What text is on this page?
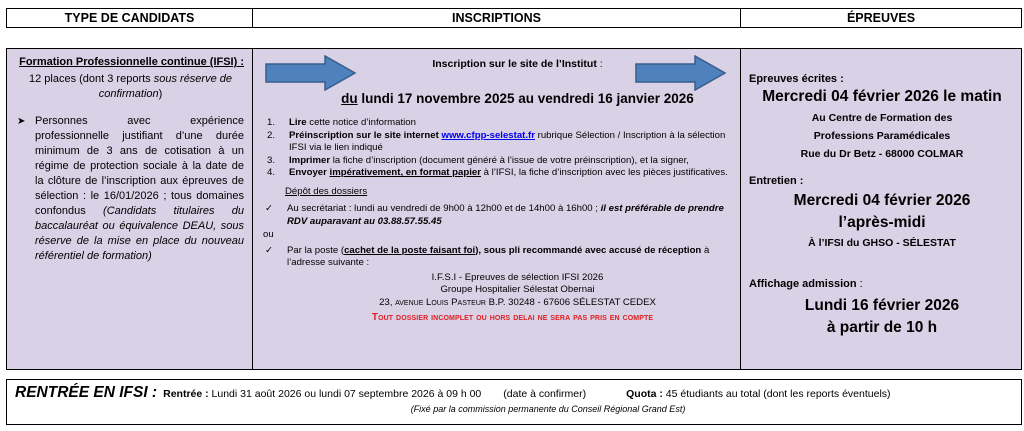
TYPE DE CANDIDATS	INSCRIPTIONS	ÉPREUVES
Formation Professionnelle continue (IFSI) :
12 places (dont 3 reports sous réserve de confirmation)
➤ Personnes avec expérience professionnelle justifiant d’une durée minimum de 3 ans de cotisation à un régime de protection sociale à la date de la clôture de l’inscription aux épreuves de sélection : le 16/01/2026 ; tous domaines confondus (Candidats titulaires du baccalauréat ou équivalence DEAU, sous réserve de la mise en place du nouveau référentiel de formation)
Inscription sur le site de l’Institut :
du lundi 17 novembre 2025 au vendredi 16 janvier 2026
1.	Lire cette notice d’information
2.	Préinscription sur le site internet www.cfpp-selestat.fr rubrique Sélection / Inscription à la sélection IFSI via le lien indiqué
3.	Imprimer la fiche d’inscription (document généré à l’issue de votre préinscription), et la signer,
4.	Envoyer impérativement, en format papier à l’IFSI, la fiche d’inscription avec les pièces justificatives.
Dépôt des dossiers
✓	Au secrétariat : lundi au vendredi de 9h00 à 12h00 et de 14h00 à 16h00 ; il est préférable de prendre RDV auparavant au 03.88.57.55.45
ou
✓	Par la poste (cachet de la poste faisant foi), sous pli recommandé avec accusé de réception à l’adresse suivante :
I.F.S.I - Epreuves de sélection IFSI 2026
Groupe Hospitalier Sélestat Obernai
23, avenue Louis Pasteur B.P. 30248 - 67606 SÉLESTAT CEDEX
Tout dossier incomplet ou hors delai ne sera pas pris en compte
Epreuves écrites :
Mercredi 04 février 2026 le matin
Au Centre de Formation des
Professions Paramédicales
Rue du Dr Betz - 68000 COLMAR
Entretien :
Mercredi 04 février 2026
l’après-midi
À l’IFSI du GHSO - SÉLESTAT
Affichage admission :
Lundi 16 février 2026
à partir de 10 h
RENTRÉE EN IFSI : Rentrée : Lundi 31 août 2026 ou lundi 07 septembre 2026 à 09 h 00 (date à confirmer)	Quota : 45 étudiants au total (dont les reports éventuels)
(Fixé par la commission permanente du Conseil Régional Grand Est)
